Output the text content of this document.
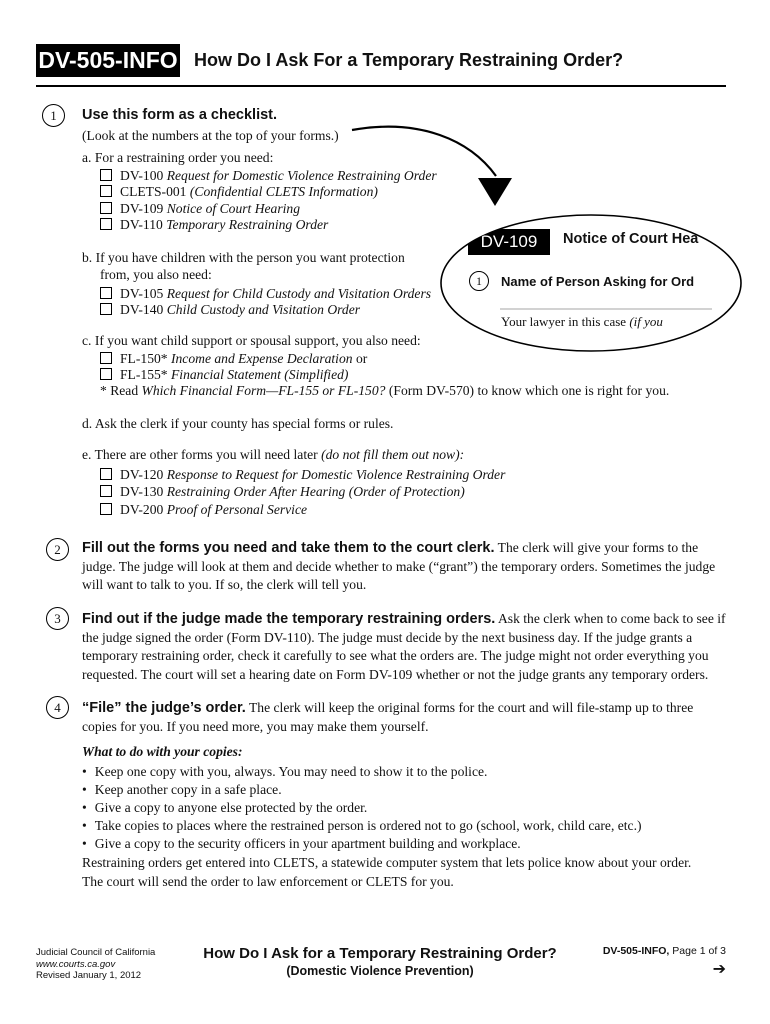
DV-505-INFO How Do I Ask For a Temporary Restraining Order?
1	Use this form as a checklist.
(Look at the numbers at the top of your forms.)
a. For a restraining order you need:
DV-100 Request for Domestic Violence Restraining Order
CLETS-001 (Confidential CLETS Information)
DV-109 Notice of Court Hearing
DV-110 Temporary Restraining Order
b. If you have children with the person you want protection
from, you also need:
DV-105 Request for Child Custody and Visitation Orders
DV-140 Child Custody and Visitation Order
c. If you want child support or spousal support, you also need:
FL-150* Income and Expense Declaration or
FL-155* Financial Statement (Simplified)
* Read Which Financial Form—FL-155 or FL-150? (Form DV-570) to know which one is right for you.
d. Ask the clerk if your county has special forms or rules.
e. There are other forms you will need later (do not fill them out now):
DV-120 Response to Request for Domestic Violence Restraining Order
DV-130 Restraining Order After Hearing (Order of Protection)
DV-200 Proof of Personal Service
DV-109	Notice of Court Hea
1	Name of Person Asking for Ord
Your lawyer in this case (if you
2	Fill out the forms you need and take them to the court clerk. The clerk will give your forms to the judge. The judge will look at them and decide whether to make (“grant”) the temporary orders. Sometimes the judge will want to talk to you. If so, the clerk will tell you.
3	Find out if the judge made the temporary restraining orders. Ask the clerk when to come back to see if the judge signed the order (Form DV-110). The judge must decide by the next business day. If the judge grants a temporary restraining order, check it carefully to see what the orders are. The judge might not order everything you requested. The court will set a hearing date on Form DV-109 whether or not the judge grants any temporary orders.
4	“File” the judge’s order. The clerk will keep the original forms for the court and will file-stamp up to three copies for you. If you need more, you may make them yourself.
What to do with your copies:
• Keep one copy with you, always. You may need to show it to the police.
• Keep another copy in a safe place.
• Give a copy to anyone else protected by the order.
• Take copies to places where the restrained person is ordered not to go (school, work, child care, etc.)
• Give a copy to the security officers in your apartment building and workplace.
Restraining orders get entered into CLETS, a statewide computer system that lets police know about your order.
The court will send the order to law enforcement or CLETS for you.
Judicial Council of California
www.courts.ca.gov
Revised January 1, 2012
How Do I Ask for a Temporary Restraining Order?
(Domestic Violence Prevention)
DV-505-INFO, Page 1 of 3
➔
